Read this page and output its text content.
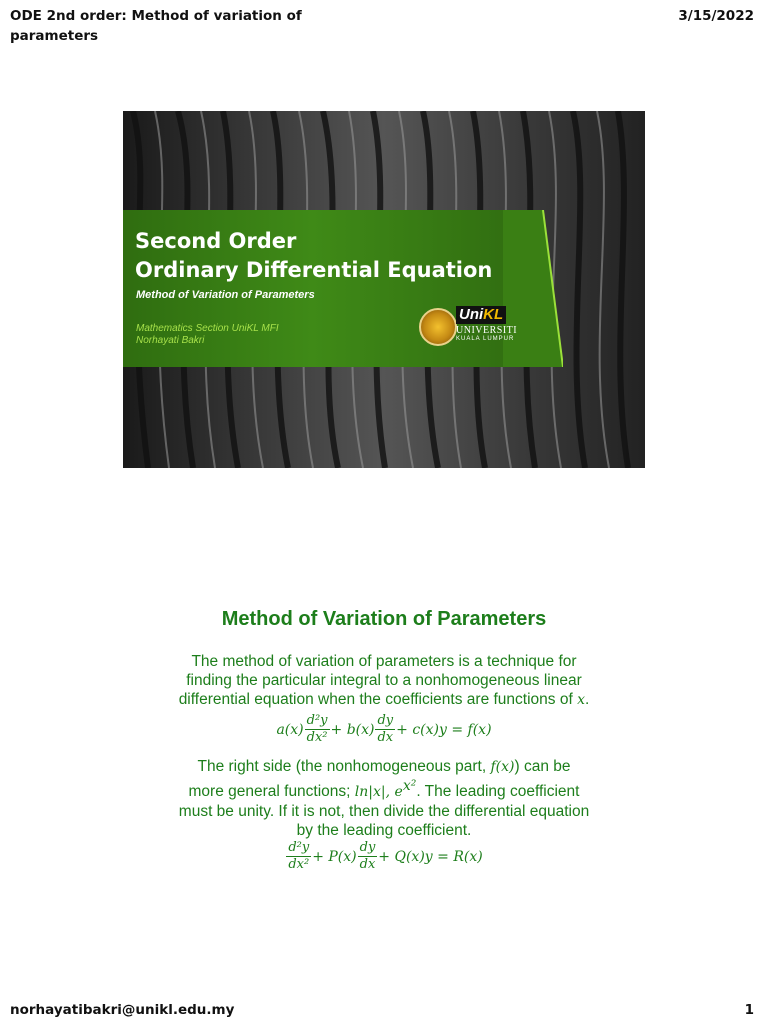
ODE 2nd order: Method of variation of parameters
3/15/2022
Second Order
Ordinary Differential Equation
Method of Variation of Parameters
Mathematics Section UniKL MFI
Norhayati Bakri
UniKL
UNIVERSITI
KUALA LUMPUR
Method of Variation of Parameters
The method of variation of parameters is a technique for
finding the particular integral to a nonhomogeneous linear
differential equation when the coefficients are functions of x.
$a(x) \frac{\text{d²y}}{\text{dx²}} + b(x) \frac{dy}{dx} + c(x)y = f(x)$
The right side (the nonhomogeneous part, f(x)) can be
more general functions; ln|x|, $e^{x^2}$. The leading coefficient
must be unity. If it is not, then divide the differential equation
by the leading coefficient.
$\frac{\text{d²y}}{\text{dx²}} + P(x) \frac{dy}{dx} + Q(x)y = R(x)$
norhayatibakri@unikl.edu.my	1
